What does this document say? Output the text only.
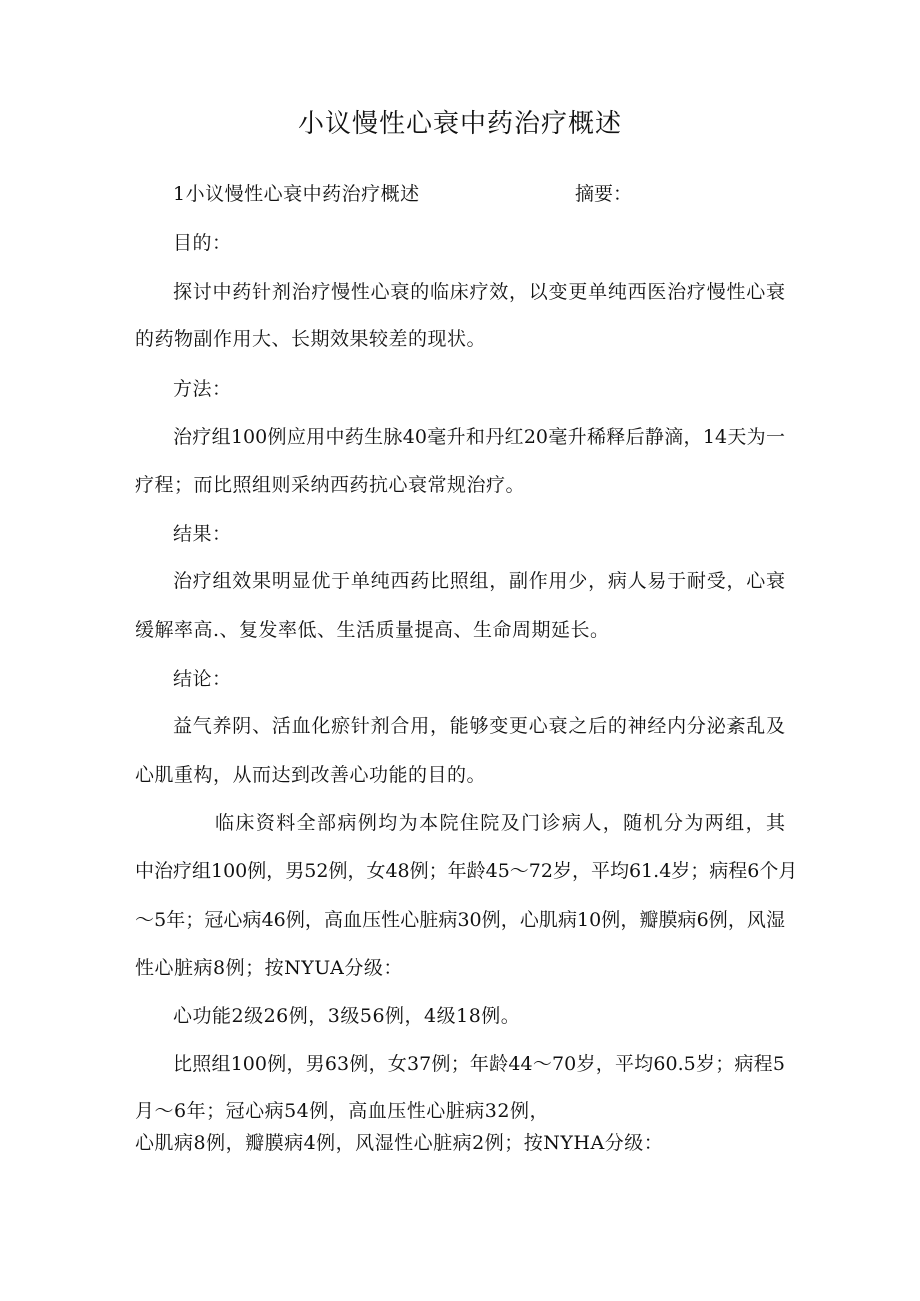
小议慢性心衰中药治疗概述
1小议慢性心衰中药治疗概述	摘要：
目的：
探讨中药针剂治疗慢性心衰的临床疗效，以变更单纯西医治疗慢性心衰
的药物副作用大、长期效果较差的现状。
方法：
治疗组100例应用中药生脉40毫升和丹红20毫升稀释后静滴，14天为一
疗程；而比照组则采纳西药抗心衰常规治疗。
结果：
治疗组效果明显优于单纯西药比照组，副作用少，病人易于耐受，心衰
缓解率高.、复发率低、生活质量提高、生命周期延长。
结论：
益气养阴、活血化瘀针剂合用，能够变更心衰之后的神经内分泌紊乱及
心肌重构，从而达到改善心功能的目的。
临床资料全部病例均为本院住院及门诊病人，随机分为两组，其
中治疗组100例，男52例，女48例；年龄45〜72岁，平均61.4岁；病程6个月
〜5年；冠心病46例，高血压性心脏病30例，心肌病10例，瓣膜病6例，风湿
性心脏病8例；按NYUA分级：
心功能2级26例，3级56例，4级18例。
比照组100例，男63例，女37例；年龄44〜70岁，平均60.5岁；病程5
月〜6年；冠心病54例，高血压性心脏病32例，
心肌病8例，瓣膜病4例，风湿性心脏病2例；按NYHA分级：
